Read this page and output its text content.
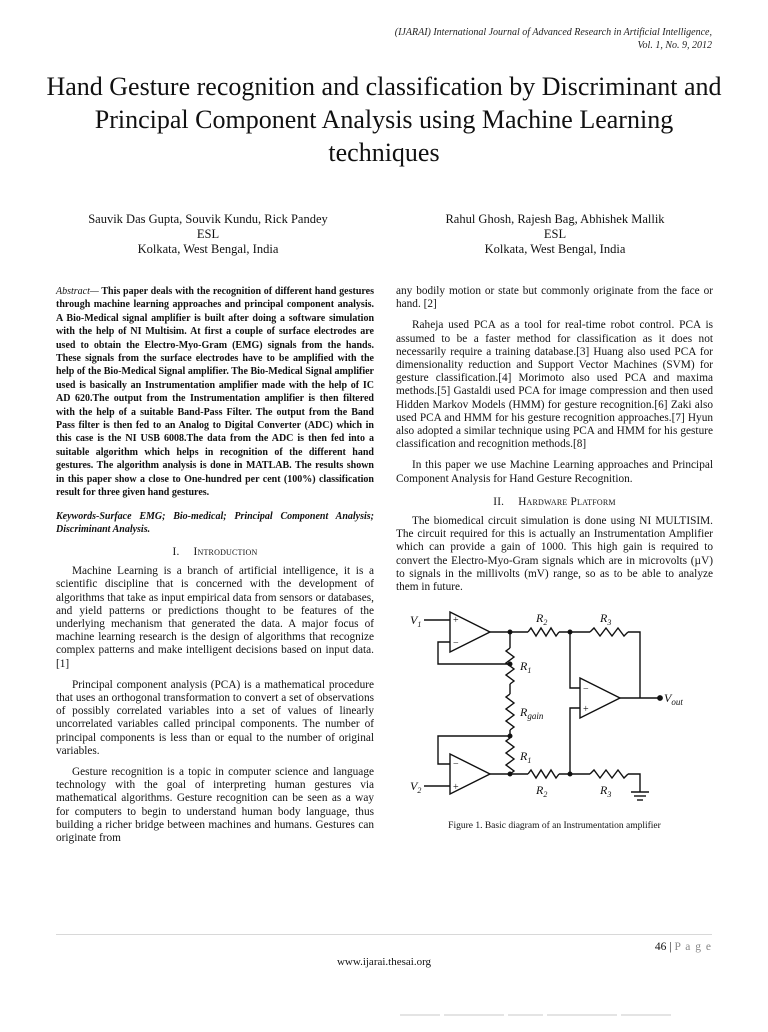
(IJARAI) International Journal of Advanced Research in Artificial Intelligence,
Vol. 1, No. 9, 2012
Hand Gesture recognition and classification by Discriminant and Principal Component Analysis using Machine Learning techniques
Sauvik Das Gupta, Souvik Kundu, Rick Pandey
ESL
Kolkata, West Bengal, India
Rahul Ghosh, Rajesh Bag, Abhishek Mallik
ESL
Kolkata, West Bengal, India

Abstract— This paper deals with the recognition of different hand gestures through machine learning approaches and principal component analysis. A Bio-Medical signal amplifier is built after doing a software simulation with the help of NI Multisim. At first a couple of surface electrodes are used to obtain the Electro-Myo-Gram (EMG) signals from the hands. These signals from the surface electrodes have to be amplified with the help of the Bio-Medical Signal amplifier. The Bio-Medical Signal amplifier used is basically an Instrumentation amplifier made with the help of IC AD 620.The output from the Instrumentation amplifier is then filtered with the help of a suitable Band-Pass Filter. The output from the Band Pass filter is then fed to an Analog to Digital Converter (ADC) which in this case is the NI USB 6008.The data from the ADC is then fed into a suitable algorithm which helps in recognition of the different hand gestures. The algorithm analysis is done in MATLAB. The results shown in this paper show a close to One-hundred per cent (100%) classification result for three given hand gestures.

Keywords-Surface EMG; Bio-medical; Principal Component Analysis; Discriminant Analysis.

I. Introduction

Machine Learning is a branch of artificial intelligence, it is a scientific discipline that is concerned with the development of algorithms that take as input empirical data from sensors or databases, and yield patterns or predictions thought to be features of the underlying mechanism that generated the data. A major focus of machine learning research is the design of algorithms that recognize complex patterns and make intelligent decisions based on input data. [1]

Principal component analysis (PCA) is a mathematical procedure that uses an orthogonal transformation to convert a set of observations of possibly correlated variables into a set of values of linearly uncorrelated variables called principal components. The number of principal components is less than or equal to the number of original variables.

Gesture recognition is a topic in computer science and language technology with the goal of interpreting human gestures via mathematical algorithms. Gesture recognition can be seen as a way for computers to begin to understand human body language, thus building a richer bridge between machines and humans. Gestures can originate from

any bodily motion or state but commonly originate from the face or hand. [2]

Raheja used PCA as a tool for real-time robot control. PCA is assumed to be a faster method for classification as it does not necessarily require a training database.[3] Huang also used PCA for dimensionality reduction and Support Vector Machines (SVM) for gesture classification.[4] Morimoto also used PCA and maxima methods.[5] Gastaldi used PCA for image compression and then used Hidden Markov Models (HMM) for gesture recognition.[6] Zaki also used PCA and HMM for his gesture recognition approaches.[7] Hyun also adopted a similar technique using PCA and HMM for his gesture classification and recognition methods.[8]

In this paper we use Machine Learning approaches and Principal Component Analysis for Hand Gesture Recognition.

II. Hardware Platform

The biomedical circuit simulation is done using NI MULTISIM. The circuit required for this is actually an Instrumentation Amplifier which can provide a gain of 1000. This high gain is required to convert the Electro-Myo-Gram signals which are in microvolts (µV) to signals in the millivolts (mV) range, so as to be able to analyze them in future.

$V_1$
$V_2$
$R_2$	$R_3$
$R_1$
$R_{gain}$
$R_1$
$R_2$	$R_3$
$V_{out}$
+
−
−
+
−
+
Figure 1. Basic diagram of an Instrumentation amplifier
46 | P a g e
www.ijarai.thesai.org
